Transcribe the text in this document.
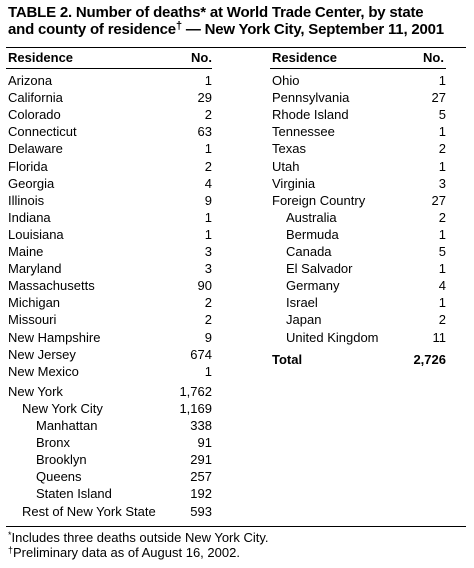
TABLE 2. Number of deaths* at World Trade Center, by state
and county of residence† — New York City, September 11, 2001
Residence	No.	Residence	No.
Arizona	1
California	29
Colorado	2
Connecticut	63
Delaware	1
Florida	2
Georgia	4
Illinois	9
Indiana	1
Louisiana	1
Maine	3
Maryland	3
Massachusetts	90
Michigan	2
Missouri	2
New Hampshire	9
New Jersey	674
New Mexico	1
New York	1,762
New York City	1,169
Manhattan	338
Bronx	91
Brooklyn	291
Queens	257
Staten Island	192
Rest of New York State	593
Ohio	1
Pennsylvania	27
Rhode Island	5
Tennessee	1
Texas	2
Utah	1
Virginia	3
Foreign Country	27
Australia	2
Bermuda	1
Canada	5
El Salvador	1
Germany	4
Israel	1
Japan	2
United Kingdom	11
Total	2,726
*Includes three deaths outside New York City.
†Preliminary data as of August 16, 2002.
